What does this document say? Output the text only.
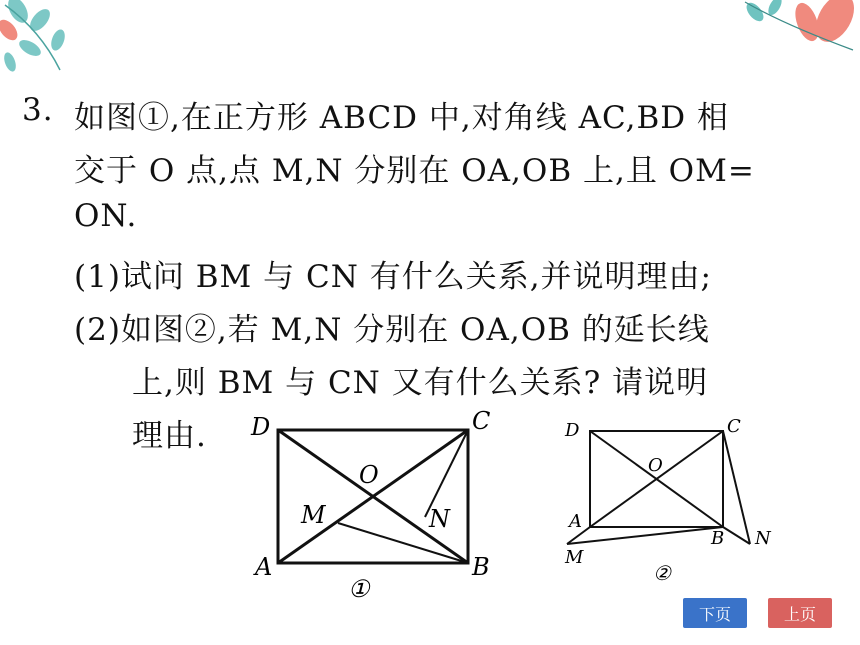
3. 如图①,在正方形 ABCD 中,对角线 AC,BD 相
交于 O 点,点 M,N 分别在 OA,OB 上,且 OM=
ON.
(1)试问 BM 与 CN 有什么关系,并说明理由;
(2)如图②,若 M,N 分别在 OA,OB 的延长线
上,则 BM 与 CN 又有什么关系? 请说明
理由. D	C
O
M	N
A	B
①
D	C
O
A
B N
M
②
下页	上页
